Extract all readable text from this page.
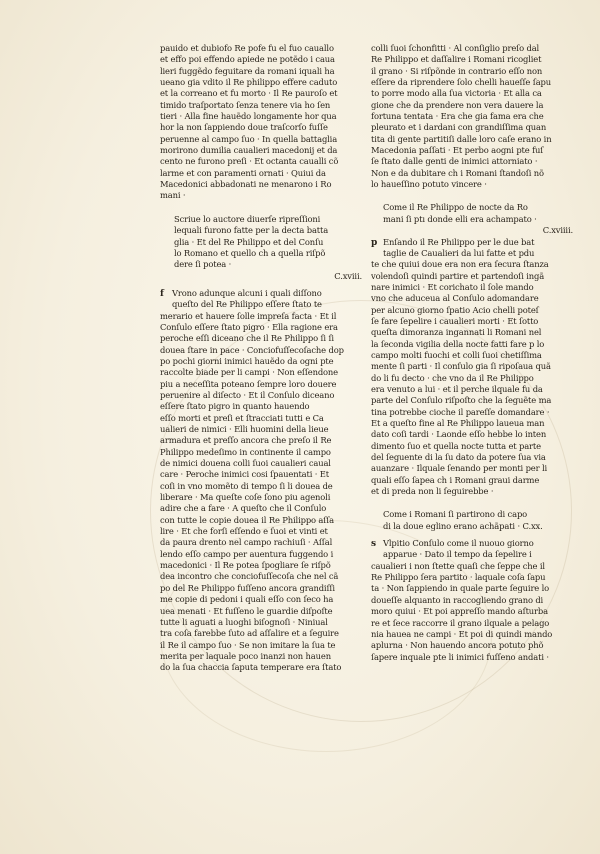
pauido et dubiofo Re pofe fu el fuo cauallo
et effo poi effendo apiede ne potẽdo i caua
lieri fuggẽdo feguitare da romani iquali ha
ueano gia vdito il Re philippo effere caduto
et la correano et fu morto · Il Re pauroſo et
timido traſportato ſenza tenere via ho ſen
tieri · Alla fine hauẽdo longamente hor qua
hor la non ſappiendo doue traſcorſo fuſſe
peruenne al campo ſuo · In quella battaglia
morirono dumilia caualieri macedonij et da
cento ne furono preſi · Et octanta caualli cõ
larme et con paramenti ornati · Quiui da
Macedonici abbadonati ne menarono i Ro
mani ·
Scriue lo auctore diuerſe ripreſſioni
lequali furono fatte per la decta batta
glia · Et del Re Philippo et del Conſu
lo Romano et quello ch a quella riſpõ
dere ſi potea ·
C.xviii.
f Vrono adunque alcuni i quali diſſono
queſto del Re Philippo eſſere ſtato te
merario et hauere ſolle impreſa facta · Et il
Conſulo eſſere ſtato pigro · Ella ragione era
peroche eſſi diceano che il Re Philippo ſi ſi
douea ſtare in pace · Conciofuſſecoſache dop
po pochi giorni inimici hauẽdo da ogni pte
raccolte biade per li campi · Non eſſendone
piu a neceſſita poteano ſempre loro douere
peruenire al diſecto · Et il Conſulo diceano
eſſere ſtato pigro in quanto hauendo
eſſo morti et preſi et ſtracciati tutti e Ca
ualieri de nimici · Elli huomini della lieue
armadura et preſſo ancora che preſo il Re
Philippo medeſimo in continente il campo
de nimici douena colli ſuoi caualieri caual
care · Peroche inimici cosi ſpauentati · Et
coſi in vno momẽto di tempo ſi li douea de
liberare · Ma queſte coſe ſono piu agenoli
adire che a fare · A queſto che il Conſulo
con tutte le copie douea il Re Philippo aſſa
lire · Et che forſi eſſendo e ſuoi et vinti et
da paura drento nel campo rachiuſi · Aſſal
lendo eſſo campo per auentura fuggendo i
macedonici · Il Re potea ſpogliare ſe riſpõ
dea incontro che conciofuſſecoſa che nel cã
po del Re Philippo fuſſeno ancora grandiſſi
me copie di pedoni i quali eſſo con ſeco ha
uea menati · Et fuſſeno le guardie diſpoſte
tutte li aguati a luoghi biſognoſi · Niniual
tra coſa farebbe ſuto ad aſſalire et a ſeguire
il Re il campo ſuo · Se non imitare la ſua te
merita per laquale poco inanzi non hauen
do la ſua chaccia ſaputa temperare era ſtato
colli ſuoi ſchonfitti · Al conſiglio preſo dal
Re Philippo et daſſalire i Romani ricogliet
il grano · Si riſpõnde in contrario eſſo non
eſſere da riprendere ſolo chelli haueſſe ſapu
to porre modo alla ſua victoria · Et alla ca
gione che da prendere non vera dauere la
fortuna tentata · Era che gia fama era che
pleurato et i dardani con grandiſſima quan
tita di gente partitiſi dalle loro caſe erano in
Macedonia paſſati · Et perbo aogni pte fuſ
ſe ſtato dalle genti de inimici attorniato ·
Non e da dubitare ch i Romani ſtandoſi nõ
lo haueſſino potuto vincere ·
Come il Re Philippo de nocte da Ro
mani ſi ptı donde elli era achampato ·
C.xviiii.
p Enſando il Re Philippo per le due bat
taglie de Caualieri da lui fatte et pdu
te che quiui doue era non era ſecura ſtanza
volendoſi quindi partire et partendoſi ingã
nare inimici · Et corichato il ſole mando
vno che aduceua al Conſulo adomandare
per alcuno giorno ſpatio Acio chelli poteſ
ſe fare ſepelire i caualieri morti · Et ſotto
queſta dimoranza ingannati li Romani nel
la ſeconda vigilia della nocte fatti fare p lo
campo molti fuochi et colli ſuoi chetiſſima
mente ſi parti · Il conſulo gia ſi ripoſaua quã
do li fu decto · che vno da il Re Philippo
era venuto a lui · et il perche ilquale fu da
parte del Conſulo riſpoſto che la ſeguẽte ma
tina potrebbe cioche il pareſſe domandare ·
Et a queſto fine al Re Philippo laueua man
dato coſi tardi · Laonde eſſo hebbe lo inten
dimento ſuo et quella nocte tutta et parte
del ſeguente di la ſu dato da potere ſua via
auanzare · Ilquale ſenando per monti per li
quali eſſo ſapea ch i Romani graui darme
et di preda non li ſeguirebbe ·
Come i Romani ſi partirono di capo
di la doue eglino erano achãpati · C.xx.
s Vlpitio Conſulo come il nuouo giorno
apparue · Dato il tempo da ſepelire i
caualieri i non ſtette quaſi che ſeppe che il
Re Philippo ſera partito · laquale coſa ſapu
ta · Non ſappiendo in quale parte ſeguire lo
doueſſe alquanto in raccogliendo grano di
moro quiui · Et poi appreſſo mando aſturba
re et ſece raccorre il grano ilquale a pelago
nia hauea ne campi · Et poi di quindi mando
aplurna · Non hauendo ancora potuto phõ
ſapere inquale pte li inimici fuſſeno andati ·
